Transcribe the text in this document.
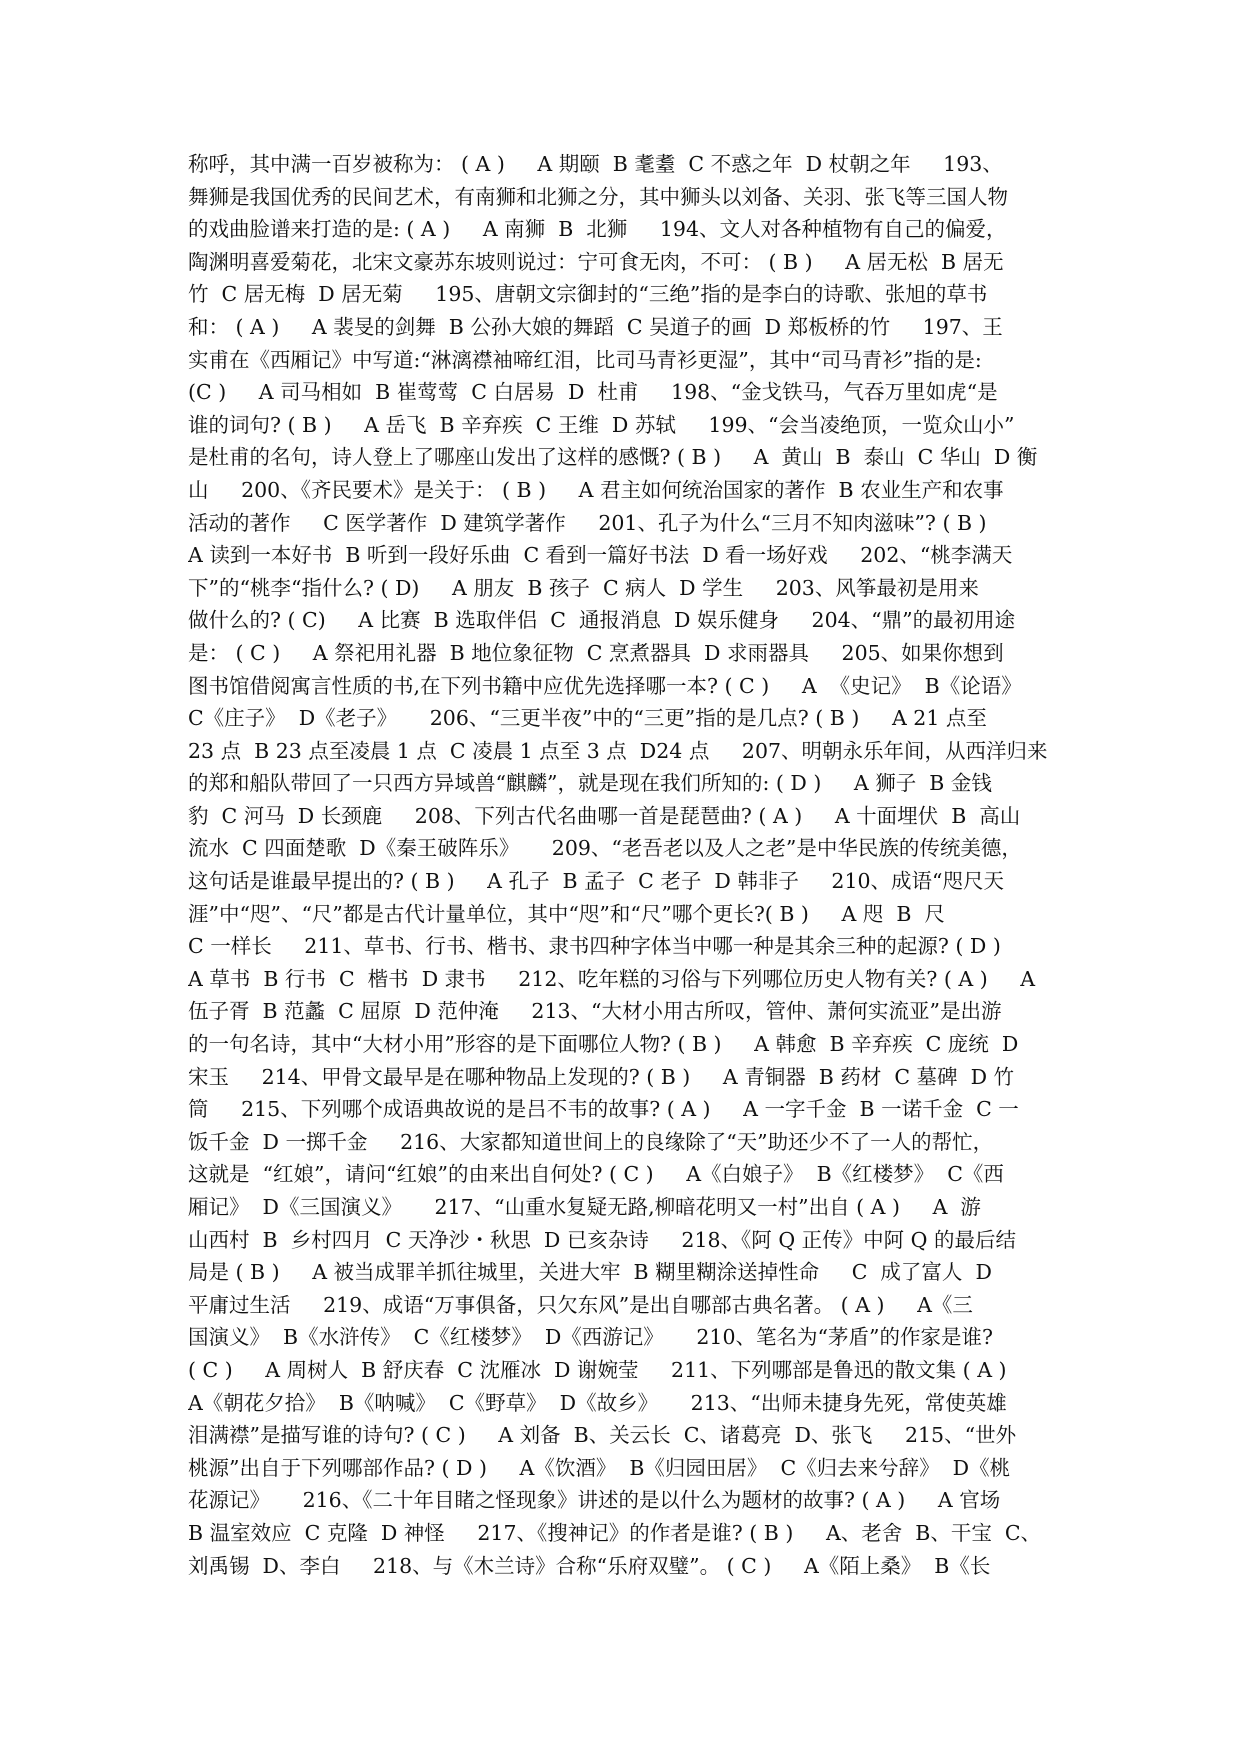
称呼，其中满一百岁被称为： ( A )     A 期颐  B 耄耋  C 不惑之年  D 杖朝之年     193、
舞狮是我国优秀的民间艺术，有南狮和北狮之分，其中狮头以刘备、关羽、张飞等三国人物
的戏曲脸谱来打造的是: ( A )     A 南狮  B  北狮     194、文人对各种植物有自己的偏爱，
陶渊明喜爱菊花，北宋文豪苏东坡则说过：宁可食无肉，不可： ( B )     A 居无松  B 居无
竹  C 居无梅  D 居无菊     195、唐朝文宗御封的“三绝”指的是李白的诗歌、张旭的草书
和： ( A )     A 裴旻的剑舞  B 公孙大娘的舞蹈  C 吴道子的画  D 郑板桥的竹     197、王
实甫在《西厢记》中写道:“淋漓襟袖啼红泪，比司马青衫更湿”，其中“司马青衫”指的是:
(C )     A 司马相如  B 崔莺莺  C 白居易  D  杜甫     198、“金戈铁马，气吞万里如虎“是
谁的词句? ( B )     A 岳飞  B 辛弃疾  C 王维  D 苏轼     199、“会当凌绝顶，一览众山小”
是杜甫的名句，诗人登上了哪座山发出了这样的感慨? ( B )     A  黄山  B  泰山  C 华山  D 衡
山     200、《齐民要术》是关于： ( B )     A 君主如何统治国家的著作  B 农业生产和农事
活动的著作     C 医学著作  D 建筑学著作     201、孔子为什么“三月不知肉滋味”? ( B )
A 读到一本好书  B 听到一段好乐曲  C 看到一篇好书法  D 看一场好戏     202、“桃李满天
下”的“桃李“指什么? ( D)     A 朋友  B 孩子  C 病人  D 学生     203、风筝最初是用来
做什么的? ( C)     A 比赛  B 选取伴侣  C  通报消息  D 娱乐健身     204、“鼎”的最初用途
是： ( C )     A 祭祀用礼器  B 地位象征物  C 烹煮器具  D 求雨器具     205、如果你想到
图书馆借阅寓言性质的书,在下列书籍中应优先选择哪一本? ( C )     A  《史记》  B《论语》
C《庄子》  D《老子》     206、“三更半夜”中的“三更”指的是几点? ( B )     A 21 点至
23 点  B 23 点至凌晨 1 点  C 凌晨 1 点至 3 点  D24 点     207、明朝永乐年间，从西洋归来
的郑和船队带回了一只西方异域兽“麒麟”，就是现在我们所知的: ( D )     A 狮子  B 金钱
豹  C 河马  D 长颈鹿     208、下列古代名曲哪一首是琵琶曲? ( A )     A 十面埋伏  B  高山
流水  C 四面楚歌  D《秦王破阵乐》     209、“老吾老以及人之老”是中华民族的传统美德，
这句话是谁最早提出的? ( B )     A 孔子  B 孟子  C 老子  D 韩非子     210、成语“咫尺天
涯”中“咫”、“尺”都是古代计量单位，其中“咫”和“尺”哪个更长?( B )     A 咫  B  尺
C 一样长     211、草书、行书、楷书、隶书四种字体当中哪一种是其余三种的起源? ( D )
A 草书  B 行书  C  楷书  D 隶书     212、吃年糕的习俗与下列哪位历史人物有关? ( A )     A
伍子胥  B 范蠡  C 屈原  D 范仲淹     213、“大材小用古所叹，管仲、萧何实流亚”是出游
的一句名诗，其中“大材小用”形容的是下面哪位人物? ( B )     A 韩愈  B 辛弃疾  C 庞统  D
宋玉     214、甲骨文最早是在哪种物品上发现的? ( B )     A 青铜器  B 药材  C 墓碑  D 竹
筒     215、下列哪个成语典故说的是吕不韦的故事? ( A )     A 一字千金  B 一诺千金  C 一
饭千金  D 一掷千金     216、大家都知道世间上的良缘除了“天”助还少不了一人的帮忙，
这就是  “红娘”，请问“红娘”的由来出自何处? ( C )     A《白娘子》  B《红楼梦》  C《西
厢记》  D《三国演义》     217、“山重水复疑无路,柳暗花明又一村”出自 ( A )     A  游
山西村  B  乡村四月  C 天净沙・秋思  D 已亥杂诗     218、《阿 Q 正传》中阿 Q 的最后结
局是 ( B )     A 被当成罪羊抓往城里，关进大牢  B 糊里糊涂送掉性命     C  成了富人  D
平庸过生活     219、成语“万事俱备，只欠东风”是出自哪部古典名著。 ( A )     A《三
国演义》  B《水浒传》  C《红楼梦》  D《西游记》     210、笔名为“茅盾”的作家是谁?
( C )     A 周树人  B 舒庆春  C 沈雁冰  D 谢婉莹     211、下列哪部是鲁迅的散文集 ( A )
A《朝花夕拾》  B《呐喊》  C《野草》  D《故乡》     213、“出师未捷身先死，常使英雄
泪满襟”是描写谁的诗句? ( C )     A 刘备  B、关云长  C、诸葛亮  D、张飞     215、“世外
桃源”出自于下列哪部作品? ( D )     A《饮酒》  B《归园田居》  C《归去来兮辞》  D《桃
花源记》     216、《二十年目睹之怪现象》讲述的是以什么为题材的故事? ( A )     A 官场
B 温室效应  C 克隆  D 神怪     217、《搜神记》的作者是谁? ( B )     A、老舍  B、干宝  C、
刘禹锡  D、李白     218、与《木兰诗》合称“乐府双璧”。 ( C )     A《陌上桑》  B《长
